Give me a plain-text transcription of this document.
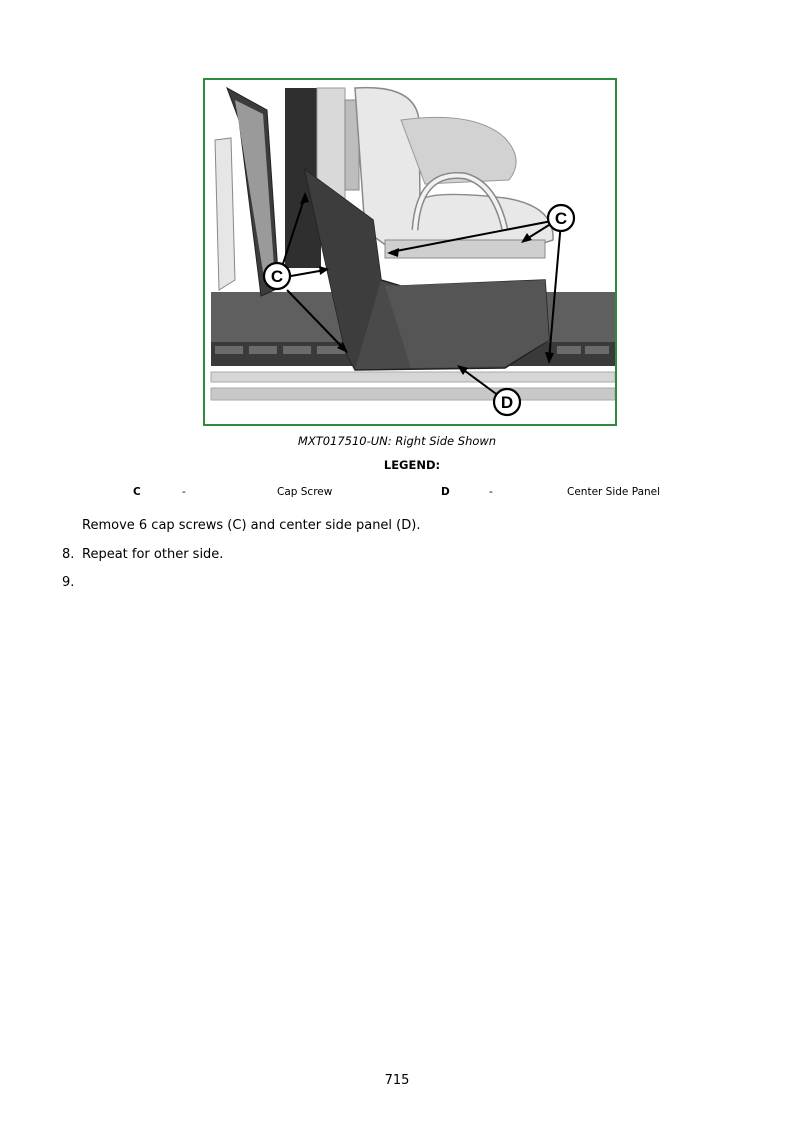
C
C
D
MXT017510-UN: Right Side Shown
LEGEND:
C	-	Cap Screw	D	-	Center Side Panel
Remove 6 cap screws (C) and center side panel (D).
8. Repeat for other side.
9.
715
